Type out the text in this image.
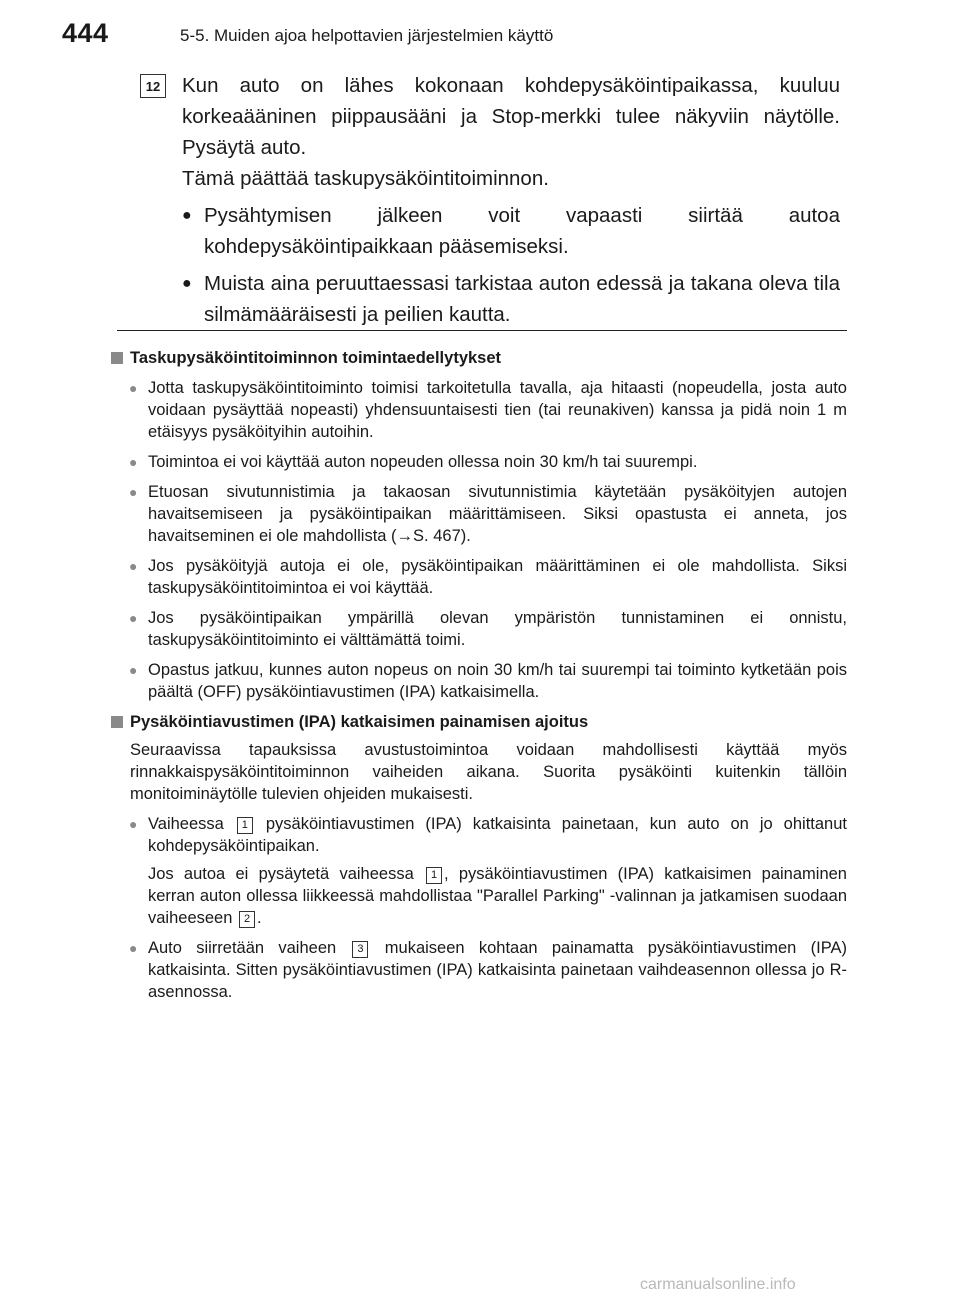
444	5-5. Muiden ajoa helpottavien järjestelmien käyttö
12 Kun auto on lähes kokonaan kohdepysäköintipaikassa, kuuluu korkeaääninen piippausääni ja Stop-merkki tulee näkyviin näytölle. Pysäytä auto.

Tämä päättää taskupysäköintitoiminnon.

● Pysähtymisen jälkeen voit vapaasti siirtää autoa kohdepysäköintipaikkaan pääsemiseksi.
● Muista aina peruuttaessasi tarkistaa auton edessä ja takana oleva tila silmämääräisesti ja peilien kautta.
Taskupysäköintitoiminnon toimintaedellytykset
● Jotta taskupysäköintitoiminto toimisi tarkoitetulla tavalla, aja hitaasti (nopeudella, josta auto voidaan pysäyttää nopeasti) yhdensuuntaisesti tien (tai reunakiven) kanssa ja pidä noin 1 m etäisyys pysäköityihin autoihin.
● Toimintoa ei voi käyttää auton nopeuden ollessa noin 30 km/h tai suurempi.
● Etuosan sivutunnistimia ja takaosan sivutunnistimia käytetään pysäköityjen autojen havaitsemiseen ja pysäköintipaikan määrittämiseen. Siksi opastusta ei anneta, jos havaitseminen ei ole mahdollista (→S. 467).
● Jos pysäköityjä autoja ei ole, pysäköintipaikan määrittäminen ei ole mahdollista. Siksi taskupysäköintitoimintoa ei voi käyttää.
● Jos pysäköintipaikan ympärillä olevan ympäristön tunnistaminen ei onnistu, taskupysäköintitoiminto ei välttämättä toimi.
● Opastus jatkuu, kunnes auton nopeus on noin 30 km/h tai suurempi tai toiminto kytketään pois päältä (OFF) pysäköintiavustimen (IPA) katkaisimella.
Pysäköintiavustimen (IPA) katkaisimen painamisen ajoitus
Seuraavissa tapauksissa avustustoimintoa voidaan mahdollisesti käyttää myös rinnakkaispysäköintitoiminnon vaiheiden aikana. Suorita pysäköinti kuitenkin tällöin monitoiminäytölle tulevien ohjeiden mukaisesti.
● Vaiheessa 1 pysäköintiavustimen (IPA) katkaisinta painetaan, kun auto on jo ohittanut kohdepysäköintipaikan.
Jos autoa ei pysäytetä vaiheessa 1 , pysäköintiavustimen (IPA) katkaisimen painaminen kerran auton ollessa liikkeessä mahdollistaa "Parallel Parking" -valinnan ja jatkamisen suodaan vaiheeseen 2 .
● Auto siirretään vaiheen 3 mukaiseen kohtaan painamatta pysäköintiavustimen (IPA) katkaisinta. Sitten pysäköintiavustimen (IPA) katkaisinta painetaan vaihdeasennon ollessa jo R-asennossa.
carmanualsonline.info
